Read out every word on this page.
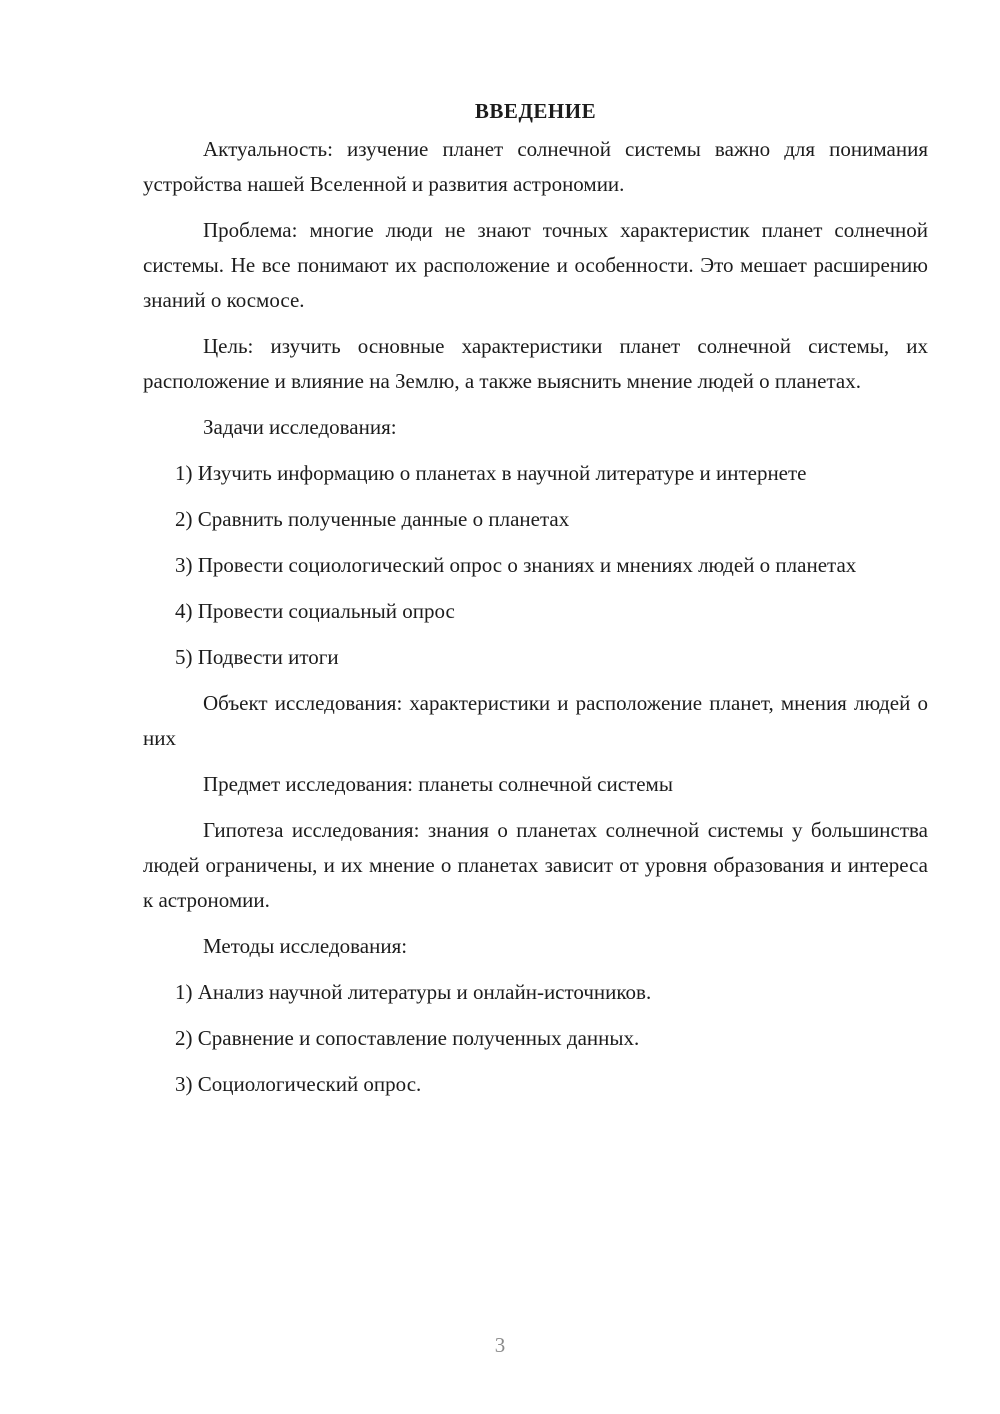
ВВЕДЕНИЕ

Актуальность: изучение планет солнечной системы важно для понимания устройства нашей Вселенной и развития астрономии.

Проблема: многие люди не знают точных характеристик планет солнечной системы. Не все понимают их расположение и особенности. Это мешает расширению знаний о космосе.

Цель: изучить основные характеристики планет солнечной системы, их расположение и влияние на Землю, а также выяснить мнение людей о планетах.

Задачи исследования:

1) Изучить информацию о планетах в научной литературе и интернете

2) Сравнить полученные данные о планетах

3) Провести социологический опрос о знаниях и мнениях людей о планетах

4) Провести социальный опрос

5) Подвести итоги

Объект исследования: характеристики и расположение планет, мнения людей о них

Предмет исследования: планеты солнечной системы

Гипотеза исследования: знания о планетах солнечной системы у большинства людей ограничены, и их мнение о планетах зависит от уровня образования и интереса к астрономии.

Методы исследования:

1) Анализ научной литературы и онлайн-источников.

2) Сравнение и сопоставление полученных данных.

3) Социологический опрос.

3
